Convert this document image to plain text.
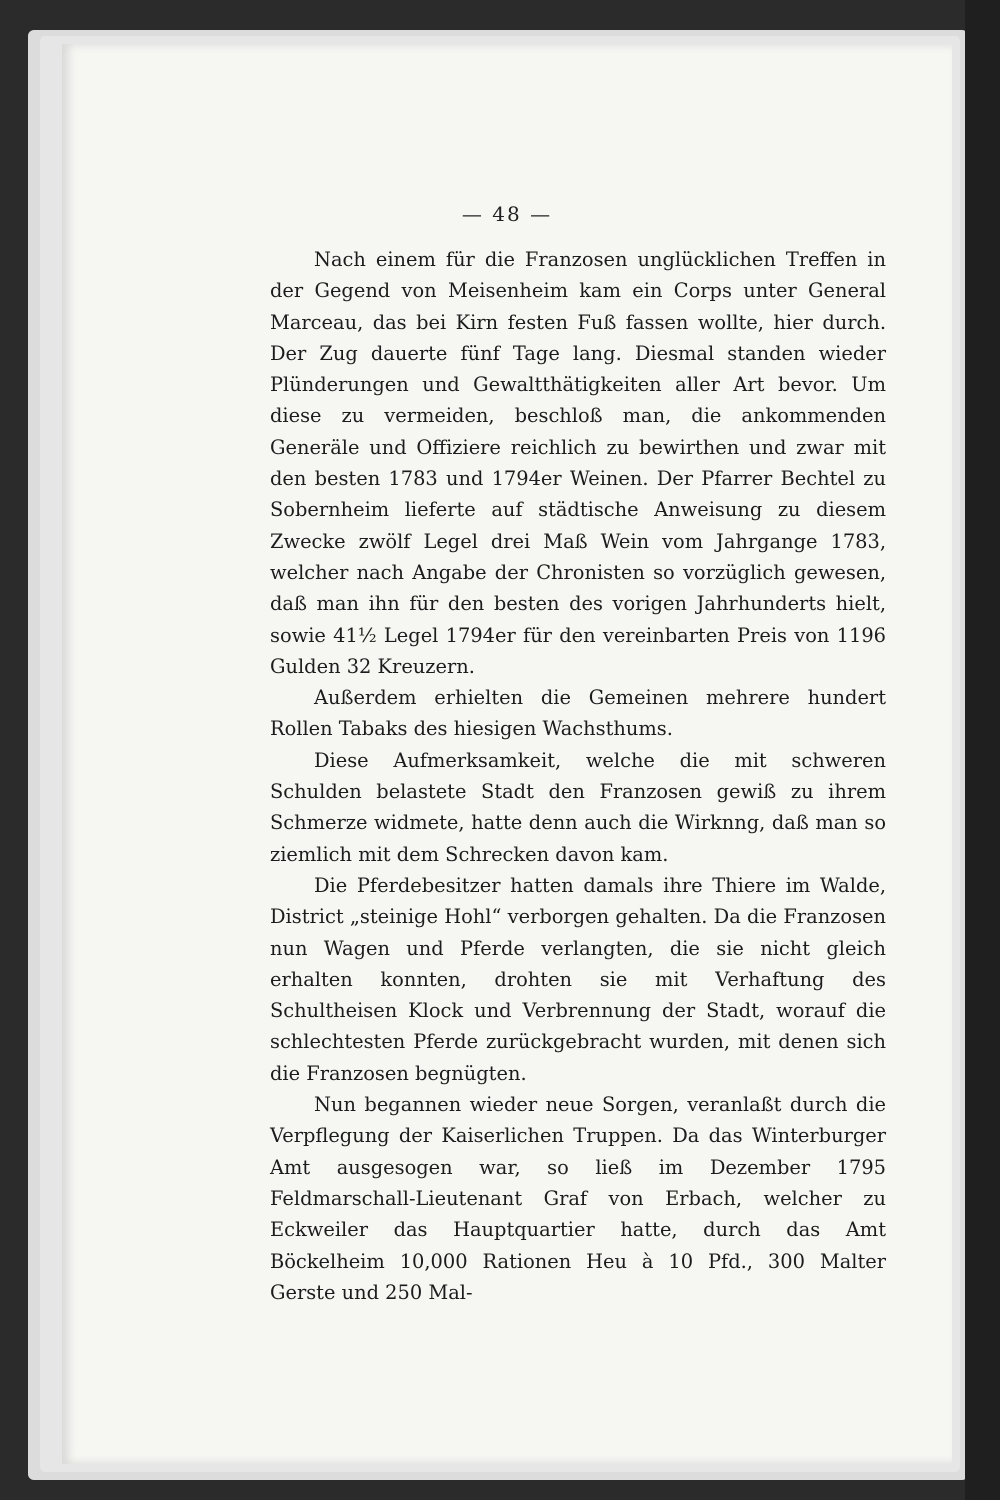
— 48 —

Nach einem für die Franzosen unglücklichen Treffen in der Gegend von Meisenheim kam ein Corps unter General Marceau, das bei Kirn festen Fuß fassen wollte, hier durch. Der Zug dauerte fünf Tage lang. Diesmal standen wieder Plünderungen und Gewaltthätigkeiten aller Art bevor. Um diese zu vermeiden, beschloß man, die ankommenden Generäle und Offiziere reichlich zu bewirthen und zwar mit den besten 1783 und 1794er Weinen. Der Pfarrer Bechtel zu Sobernheim lieferte auf städtische Anweisung zu diesem Zwecke zwölf Legel drei Maß Wein vom Jahrgange 1783, welcher nach Angabe der Chronisten so vorzüglich gewesen, daß man ihn für den besten des vorigen Jahrhunderts hielt, sowie 41½ Legel 1794er für den vereinbarten Preis von 1196 Gulden 32 Kreuzern.

Außerdem erhielten die Gemeinen mehrere hundert Rollen Tabaks des hiesigen Wachsthums.

Diese Aufmerksamkeit, welche die mit schweren Schulden belastete Stadt den Franzosen gewiß zu ihrem Schmerze widmete, hatte denn auch die Wirknng, daß man so ziemlich mit dem Schrecken davon kam.

Die Pferdebesitzer hatten damals ihre Thiere im Walde, District „steinige Hohl“ verborgen gehalten. Da die Franzosen nun Wagen und Pferde verlangten, die sie nicht gleich erhalten konnten, drohten sie mit Verhaftung des Schultheisen Klock und Verbrennung der Stadt, worauf die schlechtesten Pferde zurückgebracht wurden, mit denen sich die Franzosen begnügten.

Nun begannen wieder neue Sorgen, veranlaßt durch die Verpflegung der Kaiserlichen Truppen. Da das Winterburger Amt ausgesogen war, so ließ im Dezember 1795 Feldmarschall-Lieutenant Graf von Erbach, welcher zu Eckweiler das Hauptquartier hatte, durch das Amt Böckelheim 10,000 Rationen Heu à 10 Pfd., 300 Malter Gerste und 250 Mal-
